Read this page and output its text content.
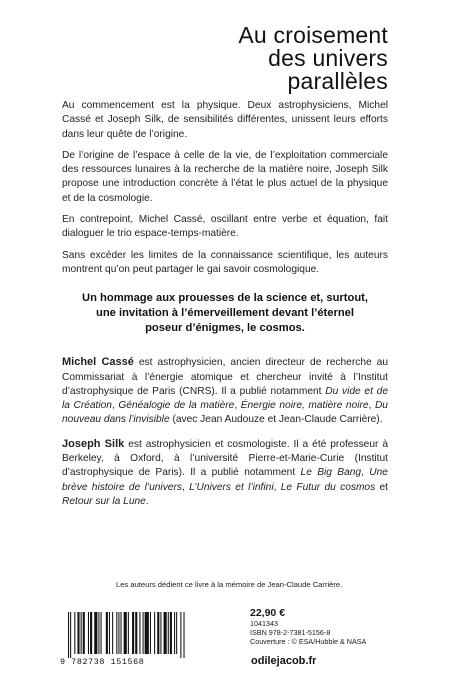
Au croisement
des univers
parallèles

Au commencement est la physique. Deux astrophysiciens, Michel Cassé et Joseph Silk, de sensibilités différentes, unissent leurs efforts dans leur quête de l’origine.

De l’origine de l’espace à celle de la vie, de l’exploitation commerciale des ressources lunaires à la recherche de la matière noire, Joseph Silk propose une introduction concrète à l’état le plus actuel de la physique et de la cosmologie.

En contrepoint, Michel Cassé, oscillant entre verbe et équation, fait dialoguer le trio espace-temps-matière.

Sans excéder les limites de la connaissance scientifique, les auteurs montrent qu’on peut partager le gai savoir cosmologique.

Un hommage aux prouesses de la science et, surtout,
une invitation à l’émerveillement devant l’éternel
poseur d’énigmes, le cosmos.

Michel Cassé est astrophysicien, ancien directeur de recherche au Commissariat à l’énergie atomique et chercheur invité à l’Institut d’astrophysique de Paris (CNRS). Il a publié notamment Du vide et de la Création, Généalogie de la matière, Énergie noire, matière noire, Du nouveau dans l’invisible (avec Jean Audouze et Jean-Claude Carrière).

Joseph Silk est astrophysicien et cosmologiste. Il a été professeur à Berkeley, à Oxford, à l’université Pierre-et-Marie-Curie (Institut d’astrophysique de Paris). Il a publié notamment Le Big Bang, Une brève histoire de l’univers, L’Univers et l’infini, Le Futur du cosmos et Retour sur la Lune.

Les auteurs dédient ce livre à la mémoire de Jean-Claude Carrière.
9 782738 151568
22,90 €
1041343
ISBN 978-2-7381-5156-8
Couverture : © ESA/Hubble & NASA
odilejacob.fr
